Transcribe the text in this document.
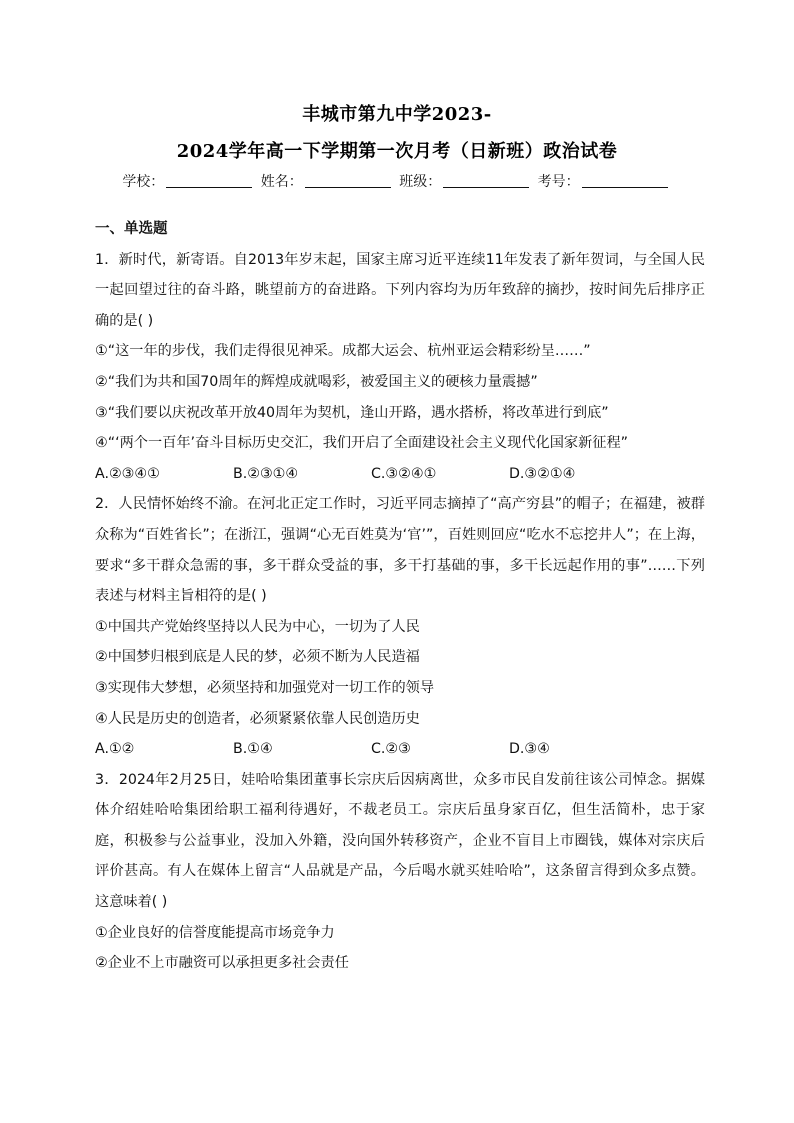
丰城市第九中学2023-
2024学年高一下学期第一次月考（日新班）政治试卷
学校：	姓名：	班级：	考号：
一、单选题

1．新时代，新寄语。自2013年岁末起，国家主席习近平连续11年发表了新年贺词，与全国人民一起回望过往的奋斗路，眺望前方的奋进路。下列内容均为历年致辞的摘抄，按时间先后排序正确的是( )

①“这一年的步伐，我们走得很见神采。成都大运会、杭州亚运会精彩纷呈……”

②“我们为共和国70周年的辉煌成就喝彩，被爱国主义的硬核力量震撼”

③“我们要以庆祝改革开放40周年为契机，逢山开路，遇水搭桥，将改革进行到底”

④“‘两个一百年’奋斗目标历史交汇，我们开启了全面建设社会主义现代化国家新征程”

A.②③④①	B.②③①④	C.③②④①	D.③②①④

2．人民情怀始终不渝。在河北正定工作时，习近平同志摘掉了“高产穷县”的帽子；在福建，被群众称为“百姓省长”；在浙江，强调“心无百姓莫为‘官’”，百姓则回应“吃水不忘挖井人”；在上海，要求“多干群众急需的事，多干群众受益的事，多干打基础的事，多干长远起作用的事”……下列表述与材料主旨相符的是( )

①中国共产党始终坚持以人民为中心，一切为了人民

②中国梦归根到底是人民的梦，必须不断为人民造福

③实现伟大梦想，必须坚持和加强党对一切工作的领导

④人民是历史的创造者，必须紧紧依靠人民创造历史

A.①②	B.①④	C.②③	D.③④

3．2024年2月25日，娃哈哈集团董事长宗庆后因病离世，众多市民自发前往该公司悼念。据媒体介绍娃哈哈集团给职工福利待遇好，不裁老员工。宗庆后虽身家百亿，但生活简朴，忠于家庭，积极参与公益事业，没加入外籍，没向国外转移资产，企业不盲目上市圈钱，媒体对宗庆后评价甚高。有人在媒体上留言“人品就是产品，今后喝水就买娃哈哈”，这条留言得到众多点赞。这意味着( )

①企业良好的信誉度能提高市场竞争力

②企业不上市融资可以承担更多社会责任
